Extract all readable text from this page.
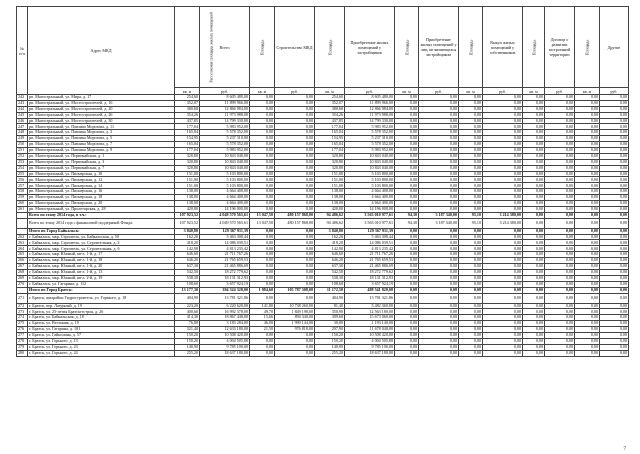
№ п/п	Адрес МКД	Расселяемая площадь жилых помещений	Всего	Площадь	Строительство МКД	Площадь	Приобретение жилых помещений у застройщиков	Площадь	Приобретение жилых помещений у лиц, не являющихся застройщиком	Площадь	Выкуп жилых помещений у собственников	Площадь	Договор о развитии застроенной территории	Площадь	Другие
		кв. м	руб.	кв. м	руб.	кв. м	руб.	кв. м	руб.	кв. м	руб.	кв. м	руб.	кв. м	руб.
242	рп. Магистральный, ул. Мира, д. 17	254,60	8 605 480,00	0,00	0,00	254,60	8 605 480,00	0,00	0,00	0,00	0,00	0,00	0,00	0,00	0,00
243	рп. Магистральный, ул. Мостостроителей, д. 16	352,07	11 899 966,00	0,00	0,00	352,07	11 899 966,00	0,00	0,00	0,00	0,00	0,00	0,00	0,00	0,00
244	рп. Магистральный, ул. Мостостроителей, д. 20	380,68	12 866 984,00	0,00	0,00	380,68	12 866 984,00	0,00	0,00	0,00	0,00	0,00	0,00	0,00	0,00
245	рп. Магистральный, ул. Мостостроителей, д. 26	354,26	11 973 988,00	0,00	0,00	354,26	11 973 988,00	0,00	0,00	0,00	0,00	0,00	0,00	0,00	0,00
246	рп. Магистральный, ул. Мостостроителей, д. 30	437,85	14 799 330,00	0,00	0,00	437,85	14 799 330,00	0,00	0,00	0,00	0,00	0,00	0,00	0,00	0,00
247	рп. Магистральный, ул. Павлика Морозова, д. 11	177,04	5 983 952,00	0,00	0,00	177,04	5 983 952,00	0,00	0,00	0,00	0,00	0,00	0,00	0,00	0,00
248	рп. Магистральный, ул. Павлика Морозова, д. 3	165,04	5 578 352,00	0,00	0,00	165,04	5 578 352,00	0,00	0,00	0,00	0,00	0,00	0,00	0,00	0,00
249	рп. Магистральный, ул. Павлика Морозова, д. 5	154,95	5 237 310,00	0,00	0,00	154,95	5 237 310,00	0,00	0,00	0,00	0,00	0,00	0,00	0,00	0,00
250	рп. Магистральный, ул. Павлика Морозова, д. 7	165,04	5 578 352,00	0,00	0,00	165,04	5 578 352,00	0,00	0,00	0,00	0,00	0,00	0,00	0,00	0,00
251	рп. Магистральный, ул. Павлика Морозова, д. 9	177,04	5 983 952,00	0,00	0,00	177,04	5 983 952,00	0,00	0,00	0,00	0,00	0,00	0,00	0,00	0,00
252	рп. Магистральный, ул. Первомайская, д. 1	320,80	10 843 040,00	0,00	0,00	320,80	10 843 040,00	0,00	0,00	0,00	0,00	0,00	0,00	0,00	0,00
253	рп. Магистральный, ул. Первомайская, д. 3	320,80	10 843 040,00	0,00	0,00	320,80	10 843 040,00	0,00	0,00	0,00	0,00	0,00	0,00	0,00	0,00
254	рп. Магистральный, ул. Первомайская, д. 7	320,80	10 843 040,00	0,00	0,00	320,80	10 843 040,00	0,00	0,00	0,00	0,00	0,00	0,00	0,00	0,00
255	рп. Магистральный, ул. Пионерская, д. 10	151,00	5 103 800,00	0,00	0,00	151,00	5 103 800,00	0,00	0,00	0,00	0,00	0,00	0,00	0,00	0,00
256	рп. Магистральный, ул. Пионерская, д. 12	151,00	5 103 800,00	0,00	0,00	151,00	5 103 800,00	0,00	0,00	0,00	0,00	0,00	0,00	0,00	0,00
257	рп. Магистральный, ул. Пионерская, д. 14	151,00	5 103 800,00	0,00	0,00	151,00	5 103 800,00	0,00	0,00	0,00	0,00	0,00	0,00	0,00	0,00
258	рп. Магистральный, ул. Пионерская, д. 16	138,00	4 664 400,00	0,00	0,00	138,00	4 664 400,00	0,00	0,00	0,00	0,00	0,00	0,00	0,00	0,00
259	рп. Магистральный, ул. Пионерская, д. 18	138,00	4 664 400,00	0,00	0,00	138,00	4 664 400,00	0,00	0,00	0,00	0,00	0,00	0,00	0,00	0,00
260	рп. Магистральный, ул. Пионерская, д. 20	138,00	4 664 400,00	0,00	0,00	138,00	4 664 400,00	0,00	0,00	0,00	0,00	0,00	0,00	0,00	0,00
261	рп. Магистральный, ул. Пролетарская, д. 28	420,00	14 196 000,00	0,00	0,00	420,00	14 196 000,00	0,00	0,00	0,00	0,00	0,00	0,00	0,00	0,00
	Всего по этапу 2014 года, в т.ч.:	107 923,52	4 049 570 565,61	13 047,50	480 157 868,00	94 486,62	3 563 010 977,61	94,30	3 187 340,00	95,10	3 214 380,00	0,00	0,00	0,00	0,00
	Всего по этапу 2014 года с финансовой поддержкой Фонда:	107 923,52	4 049 570 565,61	13 047,50	480 157 868,00	94 486,62	3 563 010 977,61	94,30	3 187 340,00	95,10	3 214 380,00	0,00	0,00	0,00	0,00
	Итого по Город Байкальск:	3 840,80	129 367 911,39	0,00	0,00	3 840,80	129 367 911,39	0,00	0,00	0,00	0,00	0,00	0,00	0,00	0,00
262	г. Байкальск, мкр. Строитель, ул. Байкальская, д. 50	162,20	5 463 308,44	0,00	0,00	162,20	5 463 308,44	0,00	0,00	0,00	0,00	0,00	0,00	0,00	0,00
263	г. Байкальск, мкр. Строитель, ул. Строительная, д. 2	418,20	14 086 039,51	0,00	0,00	418,20	14 086 039,51	0,00	0,00	0,00	0,00	0,00	0,00	0,00	0,00
264	г. Байкальск, мкр. Строитель, ул. Строительная, д. 6	142,90	4 813 235,42	0,00	0,00	142,90	4 813 235,42	0,00	0,00	0,00	0,00	0,00	0,00	0,00	0,00
265	г. Байкальск, мкр. Южный, кв-л. 1-й, д. 17	646,60	21 711 767,26	0,00	0,00	646,60	21 711 767,26	0,00	0,00	0,00	0,00	0,00	0,00	0,00	0,00
266	г. Байкальск, мкр. Южный, кв-л. 1-й, д. 18	646,20	21 765 659,53	0,00	0,00	646,20	21 765 659,53	0,00	0,00	0,00	0,00	0,00	0,00	0,00	0,00
267	г. Байкальск, мкр. Южный, кв-л. 1-й, д. 20	637,30	21 465 886,69	0,00	0,00	637,30	21 465 886,69	0,00	0,00	0,00	0,00	0,00	0,00	0,00	0,00
268	г. Байкальск, мкр. Южный, кв-л. 1-й, д. 13	542,50	18 272 779,62	0,00	0,00	542,50	18 272 779,62	0,00	0,00	0,00	0,00	0,00	0,00	0,00	0,00
269	г. Байкальск, мкр. Южный, кв-л. 2-й, д. 19	538,30	18 131 312,93	0,00	0,00	538,30	18 131 312,93	0,00	0,00	0,00	0,00	0,00	0,00	0,00	0,00
270	г. Байкальск, ул. Гагарина, д. 112	108,60	3 657 924,19	0,00	0,00	108,60	3 657 924,19	0,00	0,00	0,00	0,00	0,00	0,00	0,00	0,00
	Итого по Город Братск:	13 177,30	394 324 328,00	1 084,60	105 787 508,00	11 172,50	488 541 820,00	0,00	0,00	0,00	0,00	0,00	0,00	0,00	0,00
271	г. Братск, жилрайон Гидростроитель, ул. Горького, д. 18	404,90	13 781 321,86	0,00	0,00	404,90	13 781 321,86	0,00	0,00	0,00	0,00	0,00	0,00	0,00	0,00
272	г. Братск, пер. Лазурный, д. 19	223,20	6 220 620,00	141,80	10 738 260,00	81,40	5 482 360,00	0,00	0,00	0,00	0,00	0,00	0,00	0,00	0,00
273	г. Братск, ул. 25-летия Братскгэстроя, д. 26	400,60	16 992 378,00	49,70	1 849 198,00	350,90	12 563 180,00	0,00	0,00	0,00	0,00	0,00	0,00	0,00	0,00
274	г. Братск, ул. Байкальская, д. 18	414,30	18 867 440,00	15,66	894 340,00	399,60	15 673 060,00	0,00	0,00	0,00	0,00	0,00	0,00	0,00	0,00
275	г. Братск, ул. Весенняя, д. 19	76,80	3 183 284,00	46,00	1 990 144,00	30,80	1 193 140,00	0,00	0,00	0,00	0,00	0,00	0,00	0,00	0,00
276	г. Братск, ул. Гагарина, д. 101	321,40	12 633 180,00	21,50	976 818,00	297,90	11 678 040,00	0,00	0,00	0,00	0,00	0,00	0,00	0,00	0,00
277	г. Братск, ул. Гайнолина, д. 57	150,20	10 508 420,00	0,00	0,00	150,20	10 508 420,00	0,00	0,00	0,00	0,00	0,00	0,00	0,00	0,00
278	г. Братск, ул. Горького, д. 13	150,20	4 004 505,88	0,00	0,00	150,20	4 004 505,88	0,00	0,00	0,00	0,00	0,00	0,00	0,00	0,00
279	г. Братск, ул. Горького, д. 23	140,90	9 785 100,00	0,00	0,00	140,90	9 785 100,00	0,00	0,00	0,00	0,00	0,00	0,00	0,00	0,00
280	г. Братск, ул. Горького, д. 24	255,20	18 637 180,00	0,00	0,00	255,20	18 637 180,00	0,00	0,00	0,00	0,00	0,00	0,00	0,00	0,00
7
